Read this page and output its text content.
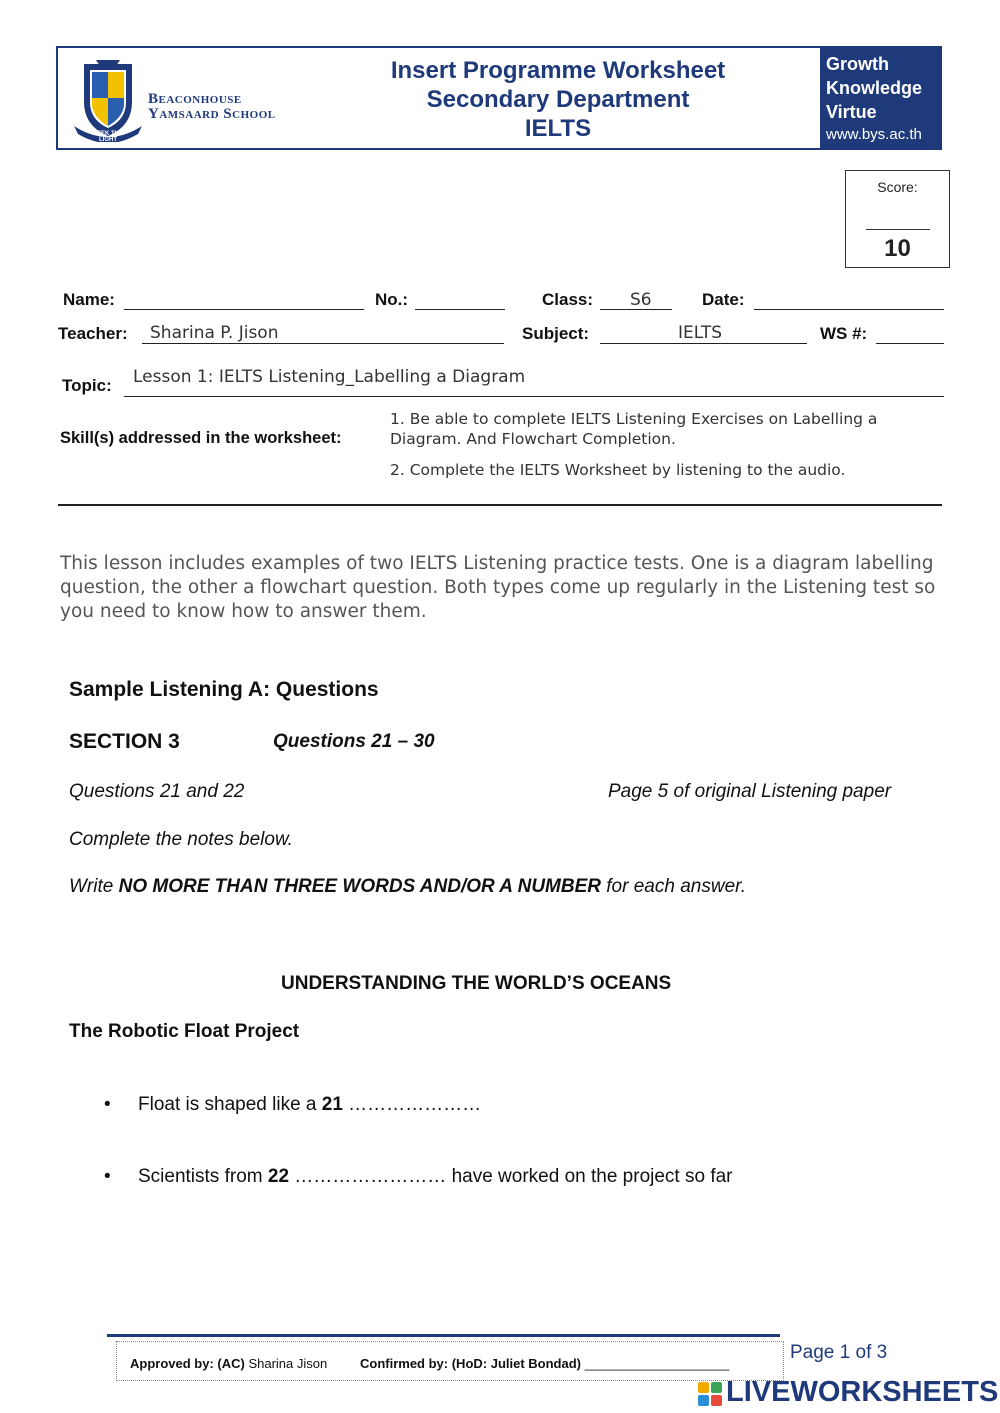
SEEK THE LIGHT
Beaconhouse
Yamsaard School
Insert Programme Worksheet
Secondary Department
IELTS
Growth
Knowledge
Virtue
www.bys.ac.th
Score:
10
Name:	No.:	Class: S6	Date:
Teacher: Sharina P. Jison	Subject:	IELTS	WS #:
Topic: Lesson 1: IELTS Listening_Labelling a Diagram
Skill(s) addressed in the worksheet:
1. Be able to complete IELTS Listening Exercises on Labelling a
Diagram. And Flowchart Completion.
2. Complete the IELTS Worksheet by listening to the audio.
This lesson includes examples of two IELTS Listening practice tests. One is a diagram labelling question, the other a flowchart question. Both types come up regularly in the Listening test so you need to know how to answer them.
Sample Listening A: Questions
SECTION 3	Questions 21 – 30
Questions 21 and 22	Page 5 of original Listening paper
Complete the notes below.
Write NO MORE THAN THREE WORDS AND/OR A NUMBER for each answer.
UNDERSTANDING THE WORLD’S OCEANS
The Robotic Float Project
• Float is shaped like a 21 …………………
• Scientists from 22 …………………… have worked on the project so far
Approved by: (AC) Sharina Jison	Confirmed by: (HoD: Juliet Bondad) ____________________
Page 1 of 3
LIVEWORKSHEETS
